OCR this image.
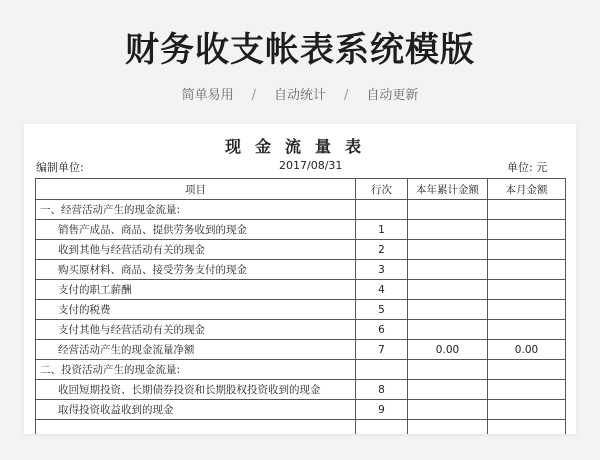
财务收支帐表系统模版
简单易用 / 自动统计 / 自动更新
现金流量表
编制单位:	2017/08/31	单位: 元
项目	行次	本年累计金额	本月金额
一、经营活动产生的现金流量:			
销售产成品、商品、提供劳务收到的现金	1		
收到其他与经营活动有关的现金	2		
购买原材料、商品、接受劳务支付的现金	3		
支付的职工薪酬	4		
支付的税费	5		
支付其他与经营活动有关的现金	6		
经营活动产生的现金流量净额	7	0.00	0.00
二、投资活动产生的现金流量:			
收回短期投资、长期债券投资和长期股权投资收到的现金	8		
取得投资收益收到的现金	9		
